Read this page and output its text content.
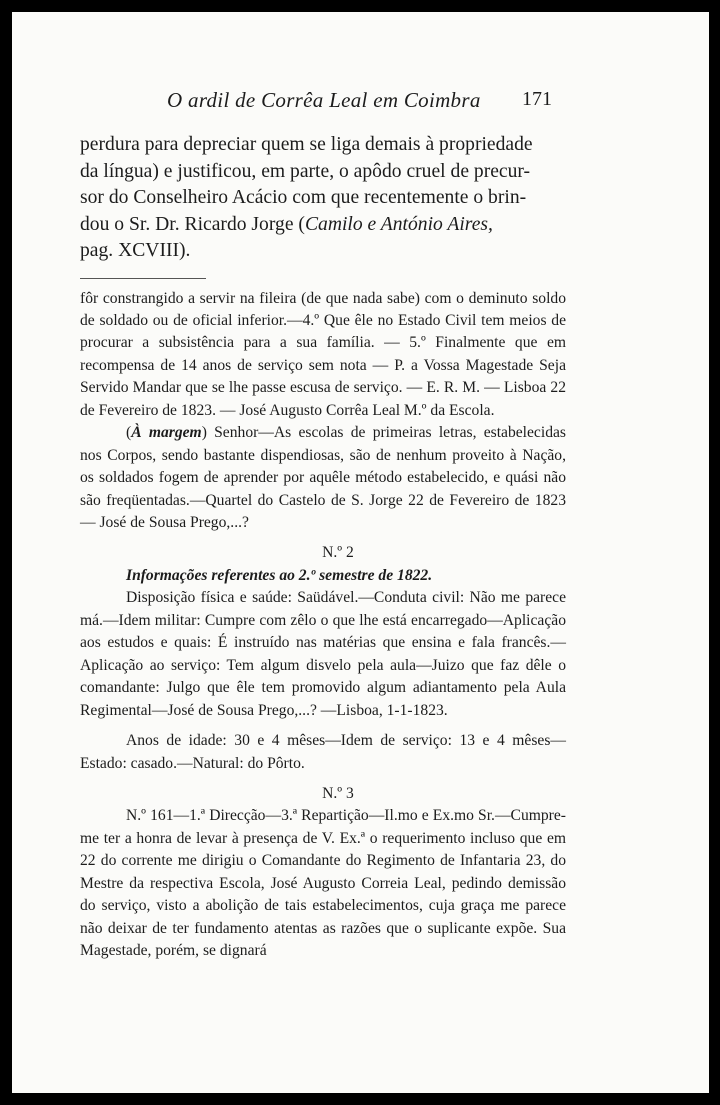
O ardil de Corrêa Leal em Coimbra 171

perdura para depreciar quem se liga demais à propriedade

da língua) e justificou, em parte, o apôdo cruel de precur-

sor do Conselheiro Acácio com que recentemente o brin-

dou o Sr. Dr. Ricardo Jorge (Camilo e António Aires,

pag. XCVIII).

fôr constrangido a servir na fileira (de que nada sabe) com o deminuto soldo de soldado ou de oficial inferior.—4.º Que êle no Estado Civil tem meios de procurar a subsistência para a sua família. — 5.º Finalmente que em recompensa de 14 anos de serviço sem nota — P. a Vossa Magestade Seja Servido Mandar que se lhe passe escusa de serviço. — E. R. M. — Lisboa 22 de Fevereiro de 1823. — José Augusto Corrêa Leal M.º da Escola.

(À margem) Senhor—As escolas de primeiras letras, estabelecidas nos Corpos, sendo bastante dispendiosas, são de nenhum proveito à Nação, os soldados fogem de aprender por aquêle método estabelecido, e quási não são freqüentadas.—Quartel do Castelo de S. Jorge 22 de Fevereiro de 1823 — José de Sousa Prego,...?

N.º 2

Informações referentes ao 2.º semestre de 1822.

Disposição física e saúde: Saüdável.—Conduta civil: Não me parece má.—Idem militar: Cumpre com zêlo o que lhe está encarregado—Aplicação aos estudos e quais: É instruído nas matérias que ensina e fala francês.—Aplicação ao serviço: Tem algum disvelo pela aula—Juizo que faz dêle o comandante: Julgo que êle tem promovido algum adiantamento pela Aula Regimental—José de Sousa Prego,...? —Lisboa, 1-1-1823.

Anos de idade: 30 e 4 mêses—Idem de serviço: 13 e 4 mêses—Estado: casado.—Natural: do Pôrto.

N.º 3

N.º 161—1.ª Direcção—3.ª Repartição—Il.mo e Ex.mo Sr.—Cumpre-me ter a honra de levar à presença de V. Ex.ª o requerimento incluso que em 22 do corrente me dirigiu o Comandante do Regimento de Infantaria 23, do Mestre da respectiva Escola, José Augusto Correia Leal, pedindo demissão do serviço, visto a abolição de tais estabelecimentos, cuja graça me parece não deixar de ter fundamento atentas as razões que o suplicante expõe. Sua Magestade, porém, se dignará
